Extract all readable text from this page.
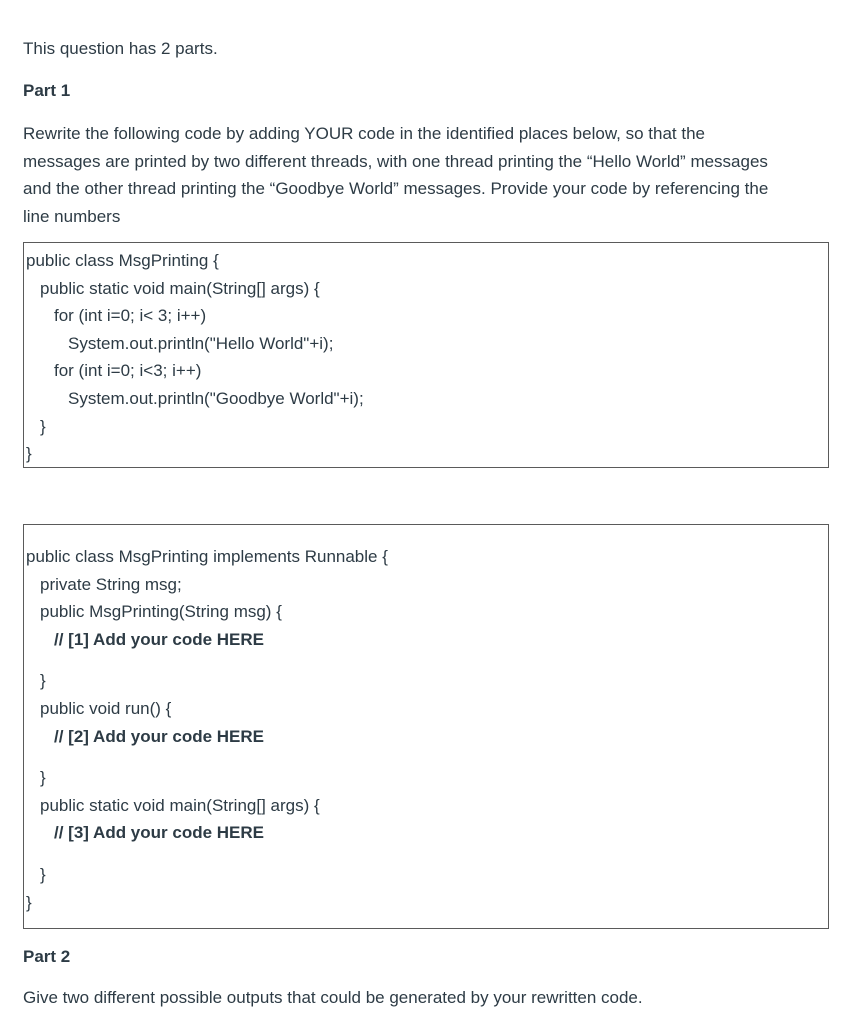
This question has 2 parts.

Part 1

Rewrite the following code by adding YOUR code in the identified places below, so that the
messages are printed by two different threads, with one thread printing the “Hello World” messages
and the other thread printing the “Goodbye World” messages. Provide your code by referencing the
line numbers
public class MsgPrinting {
public static void main(String[] args) {
for (int i=0; i< 3; i++)
System.out.println("Hello World"+i);
for (int i=0; i<3; i++)
System.out.println("Goodbye World"+i);
}
}
public class MsgPrinting implements Runnable {
private String msg;
public MsgPrinting(String msg) {
// [1] Add your code HERE
}
public void run() {
// [2] Add your code HERE
}
public static void main(String[] args) {
// [3] Add your code HERE
}
}

Part 2

Give two different possible outputs that could be generated by your rewritten code.
